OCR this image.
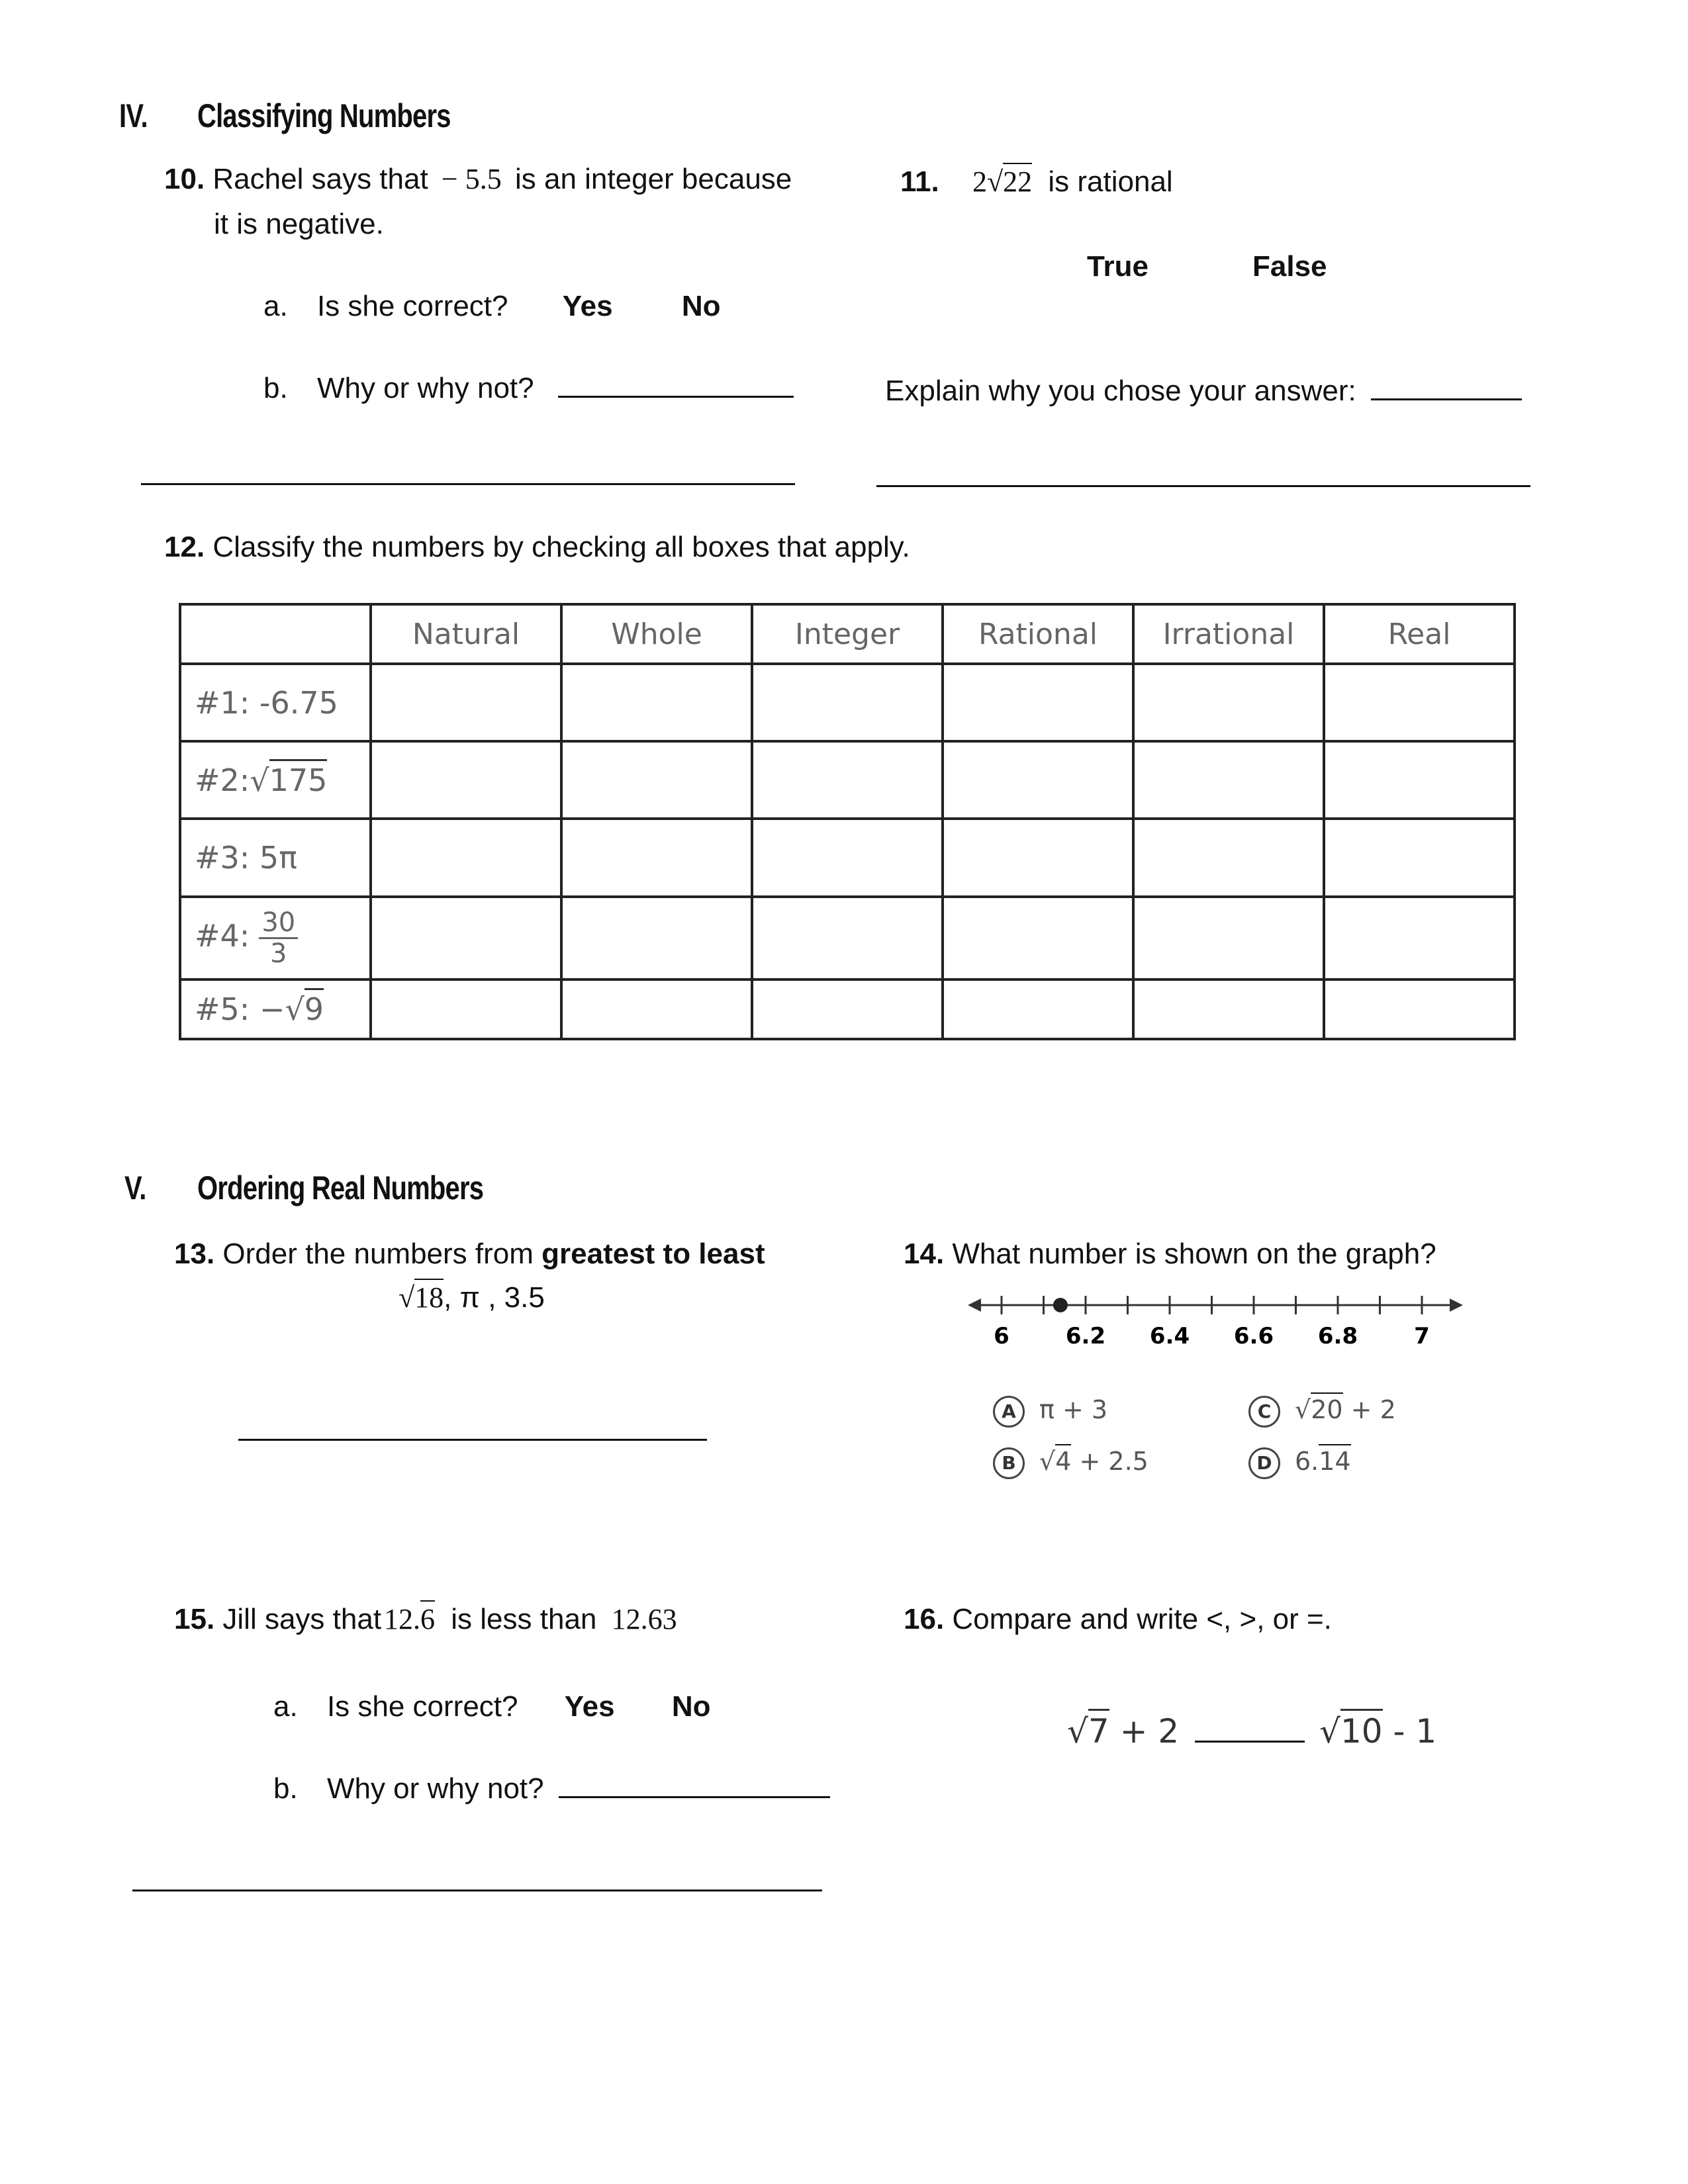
IV. Classifying Numbers
10. Rachel says that − 5.5 is an integer because
it is negative.
a. Is she correct? Yes No
b. Why or why not?
11. 2√22 is rational
True	False
Explain why you chose your answer:
12. Classify the numbers by checking all boxes that apply.
	Natural	Whole	Integer	Rational	Irrational	Real
#1: -6.75						
#2:√175						
#3: 5π						
#4: $\frac{30}{3}$

#5: −√9						
V. Ordering Real Numbers
13. Order the numbers from greatest to least
√18, π , 3.5
14. What number is shown on the graph?
6	6.2 6.4 6.6 6.8	7
A π + 3
B √4 + 2.5
C √20 + 2
D 6.14
15. Jill says that12.6 is less than 12.63
a. Is she correct? Yes No
b. Why or why not?
16. Compare and write <, >, or =.
√7 + 2	√10 - 1
